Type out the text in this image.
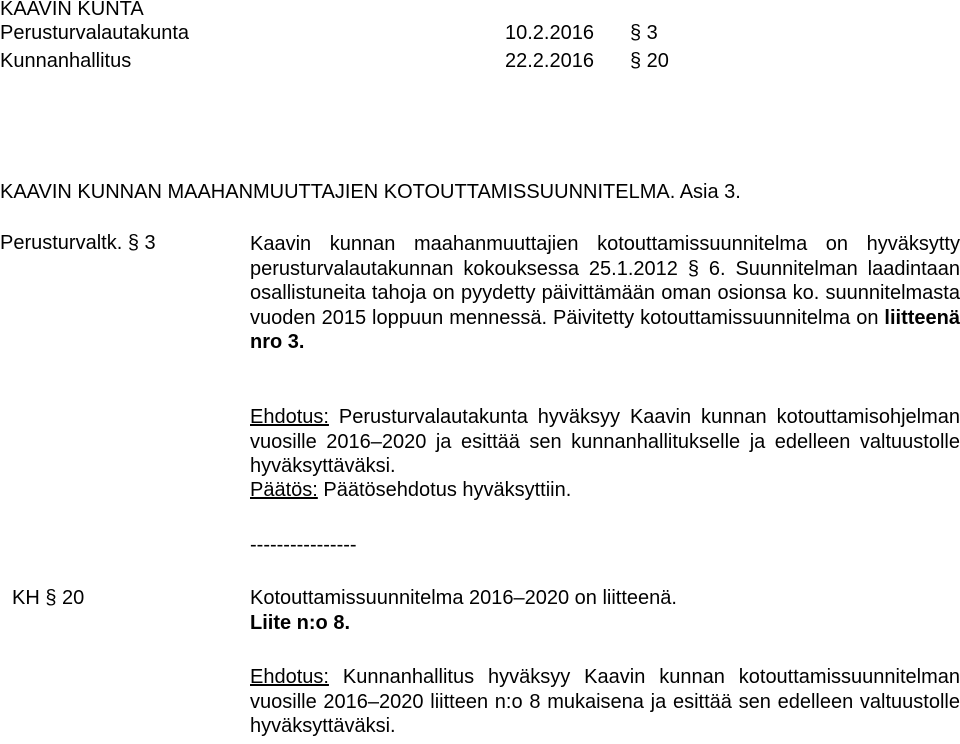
KAAVIN KUNTA
Perusturvalautakunta	10.2.2016 § 3
Kunnanhallitus	22.2.2016 § 20
KAAVIN KUNNAN MAAHANMUUTTAJIEN KOTOUTTAMISSUUNNITELMA. Asia 3.
Perusturvaltk. § 3	Kaavin kunnan maahanmuuttajien kotouttamissuunnitelma on hyväksytty perusturvalautakunnan kokouksessa 25.1.2012 § 6. Suunnitelman laadintaan osallistuneita tahoja on pyydetty päivittämään oman osionsa ko. suunnitelmasta vuoden 2015 loppuun mennessä. Päivitetty kotouttamissuunnitelma on liitteenä nro 3.
Ehdotus: Perusturvalautakunta hyväksyy Kaavin kunnan kotouttamisohjelman vuosille 2016–2020 ja esittää sen kunnanhallitukselle ja edelleen valtuustolle hyväksyttäväksi.
Päätös: Päätösehdotus hyväksyttiin.
----------------
KH § 20	Kotouttamissuunnitelma 2016–2020 on liitteenä.
Liite n:o 8.
Ehdotus: Kunnanhallitus hyväksyy Kaavin kunnan kotouttamissuunnitelman vuosille 2016–2020 liitteen n:o 8 mukaisena ja esittää sen edelleen valtuustolle hyväksyttäväksi.
